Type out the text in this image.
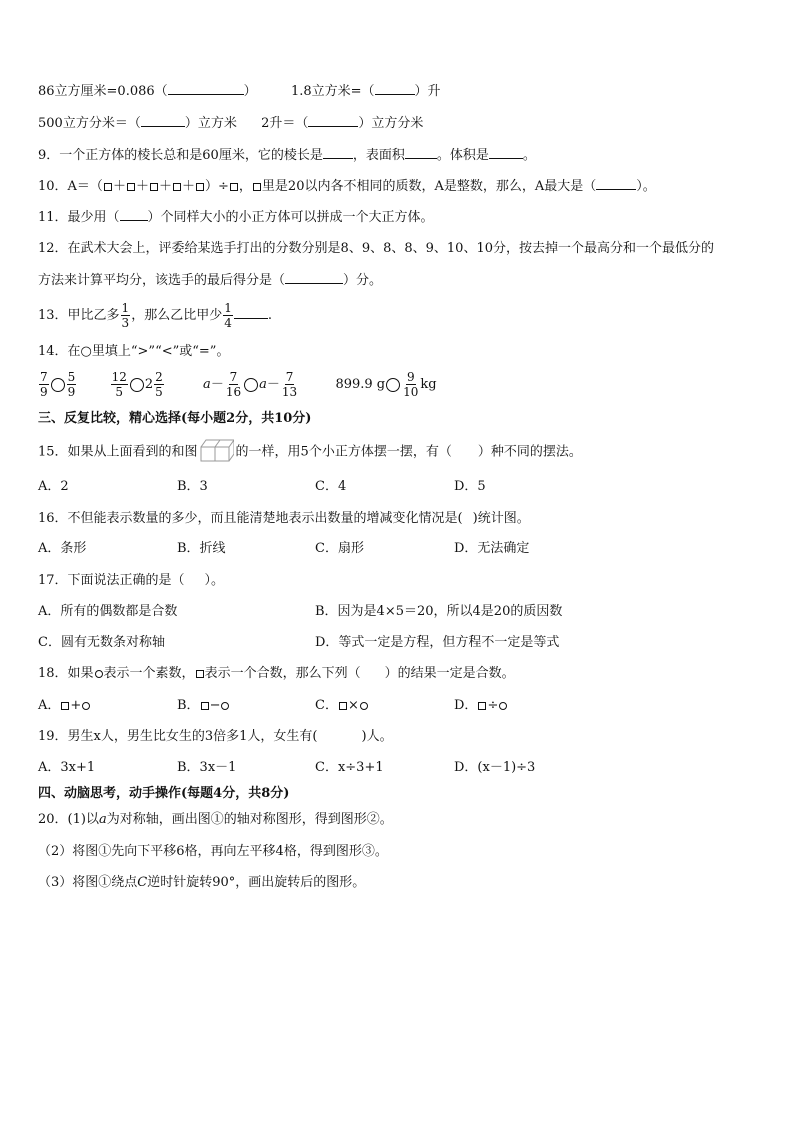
86立方厘米=0.086（	）	1.8立方米=（	）升
500立方分米＝（	）立方米 2升＝（	）立方分米
9．一个正方体的棱长总和是60厘米，它的棱长是 ，表面积 。体积是	。
10．A＝（ ＋ ＋ ＋ ＋ ）÷ ， 里是20以内各不相同的质数，A是整数，那么，A最大是（	）。
11．最少用（ ）个同样大小的小正方体可以拼成一个大正方体。
12．在武术大会上，评委给某选手打出的分数分别是8、9、8、8、9、10、10分，按去掉一个最高分和一个最低分的
方法来计算平均分，该选手的最后得分是（	）分。
13．甲比乙多 $\frac{1}{3}$ ，那么乙比甲少 $\frac{1}{4}$	.
14．在○里填上“>”“<”或“=”。
$\frac{7}{9} \frac{5}{9}$
	$\frac{12}{5} 2 \frac{2}{5}$	$a- \frac{7}{16} a- \frac{7}{13}$	899.9 g $\frac{9}{10}$ kg
三、反复比较，精心选择(每小题2分，共10分)
15．如果从上面看到的和图	的一样，用5个小正方体摆一摆，有（ ）种不同的摆法。
A．2	B．3	C．4	D．5
16．不但能表示数量的多少，而且能清楚地表示出数量的增减变化情况是( )统计图。
A．条形	B．折线	C．扇形	D．无法确定
17．下面说法正确的是（ ）。
A．所有的偶数都是合数	B．因为是4×5＝20，所以4是20的质因数
C．圆有无数条对称轴	D．等式一定是方程，但方程不一定是等式
18．如果 表示一个素数， 表示一个合数，那么下列（ ）的结果一定是合数。
A． +	B． −	C． ×	D． ÷
19．男生x人，男生比女生的3倍多1人，女生有(	)人。
A．3x+1	B．3x－1	C．x÷3+1	D．(x－1)÷3
四、动脑思考，动手操作(每题4分，共8分)
20．(1)以a为对称轴，画出图①的轴对称图形，得到图形②。
（2）将图①先向下平移6格，再向左平移4格，得到图形③。
（3）将图①绕点C逆时针旋转90°，画出旋转后的图形。
